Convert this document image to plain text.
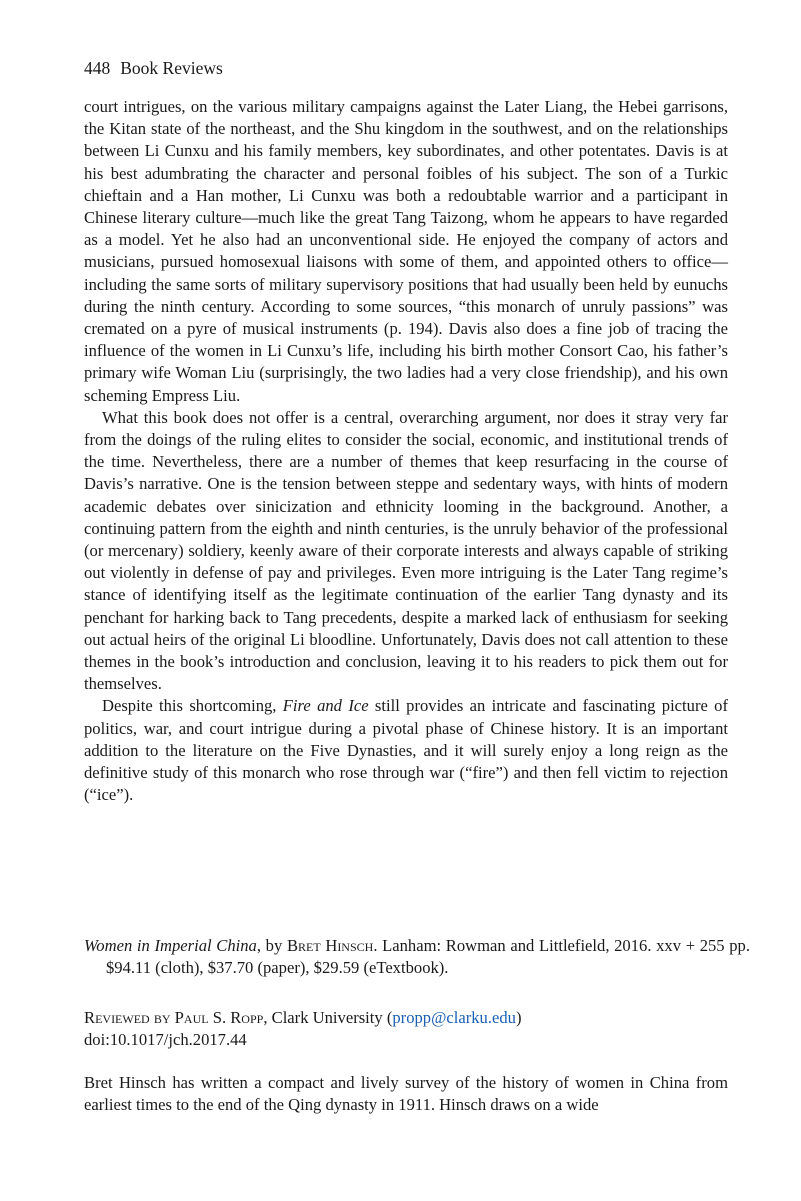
448 Book Reviews

court intrigues, on the various military campaigns against the Later Liang, the Hebei garrisons, the Kitan state of the northeast, and the Shu kingdom in the southwest, and on the relationships between Li Cunxu and his family members, key subordinates, and other potentates. Davis is at his best adumbrating the character and personal foibles of his subject. The son of a Turkic chieftain and a Han mother, Li Cunxu was both a redoubtable warrior and a participant in Chinese literary culture—much like the great Tang Taizong, whom he appears to have regarded as a model. Yet he also had an unconventional side. He enjoyed the company of actors and musicians, pursued homosexual liaisons with some of them, and appointed others to office—including the same sorts of military supervisory positions that had usually been held by eunuchs during the ninth century. According to some sources, “this monarch of unruly passions” was cremated on a pyre of musical instruments (p. 194). Davis also does a fine job of tracing the influence of the women in Li Cunxu’s life, including his birth mother Consort Cao, his father’s primary wife Woman Liu (surprisingly, the two ladies had a very close friendship), and his own scheming Empress Liu.

What this book does not offer is a central, overarching argument, nor does it stray very far from the doings of the ruling elites to consider the social, economic, and institutional trends of the time. Nevertheless, there are a number of themes that keep resurfacing in the course of Davis’s narrative. One is the tension between steppe and sedentary ways, with hints of modern academic debates over sinicization and ethnicity looming in the background. Another, a continuing pattern from the eighth and ninth centuries, is the unruly behavior of the professional (or mercenary) soldiery, keenly aware of their corporate interests and always capable of striking out violently in defense of pay and privileges. Even more intriguing is the Later Tang regime’s stance of identifying itself as the legitimate continuation of the earlier Tang dynasty and its penchant for harking back to Tang precedents, despite a marked lack of enthusiasm for seeking out actual heirs of the original Li bloodline. Unfortunately, Davis does not call attention to these themes in the book’s introduction and conclusion, leaving it to his readers to pick them out for themselves.

Despite this shortcoming, Fire and Ice still provides an intricate and fascinating picture of politics, war, and court intrigue during a pivotal phase of Chinese history. It is an important addition to the literature on the Five Dynasties, and it will surely enjoy a long reign as the definitive study of this monarch who rose through war (“fire”) and then fell victim to rejection (“ice”).

Women in Imperial China, by Bret Hinsch. Lanham: Rowman and Littlefield, 2016. xxv + 255 pp. $94.11 (cloth), $37.70 (paper), $29.59 (eTextbook).
Reviewed by Paul S. Ropp, Clark University (propp@clarku.edu)
doi:10.1017/jch.2017.44

Bret Hinsch has written a compact and lively survey of the history of women in China from earliest times to the end of the Qing dynasty in 1911. Hinsch draws on a wide
